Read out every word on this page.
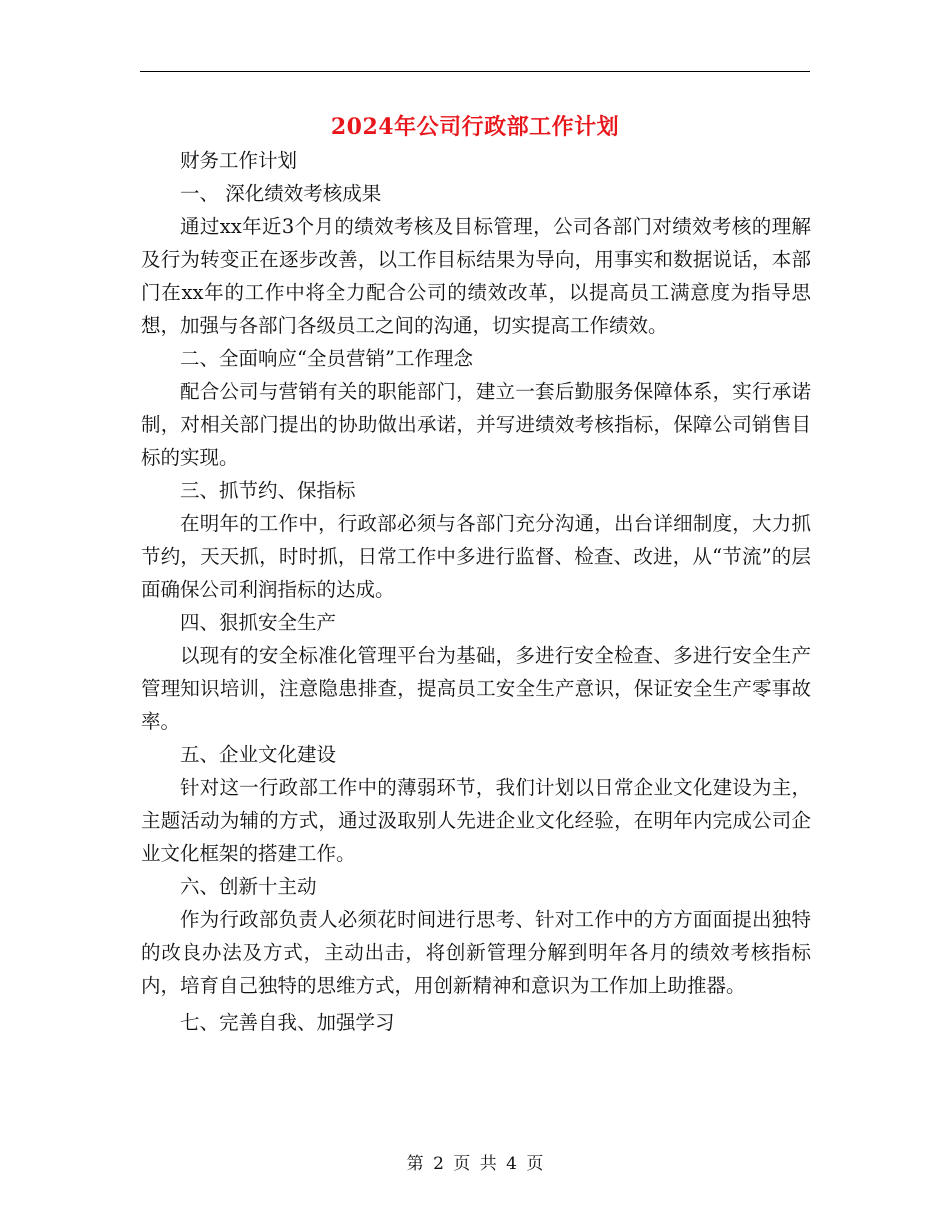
2024年公司行政部工作计划

财务工作计划

一、 深化绩效考核成果

通过xx年近3个月的绩效考核及目标管理，公司各部门对绩效考核的理解及行为转变正在逐步改善，以工作目标结果为导向，用事实和数据说话，本部门在xx年的工作中将全力配合公司的绩效改革，以提高员工满意度为指导思想，加强与各部门各级员工之间的沟通，切实提高工作绩效。

二、全面响应“全员营销”工作理念

配合公司与营销有关的职能部门，建立一套后勤服务保障体系，实行承诺制，对相关部门提出的协助做出承诺，并写进绩效考核指标，保障公司销售目标的实现。

三、抓节约、保指标

在明年的工作中，行政部必须与各部门充分沟通，出台详细制度，大力抓节约，天天抓，时时抓，日常工作中多进行监督、检查、改进，从“节流”的层面确保公司利润指标的达成。

四、狠抓安全生产

以现有的安全标准化管理平台为基础，多进行安全检查、多进行安全生产管理知识培训，注意隐患排查，提高员工安全生产意识，保证安全生产零事故率。

五、企业文化建设

针对这一行政部工作中的薄弱环节，我们计划以日常企业文化建设为主，主题活动为辅的方式，通过汲取别人先进企业文化经验，在明年内完成公司企业文化框架的搭建工作。

六、创新十主动

作为行政部负责人必须花时间进行思考、针对工作中的方方面面提出独特的改良办法及方式，主动出击，将创新管理分解到明年各月的绩效考核指标内，培育自己独特的思维方式，用创新精神和意识为工作加上助推器。

七、完善自我、加强学习

第 2 页 共 4 页
